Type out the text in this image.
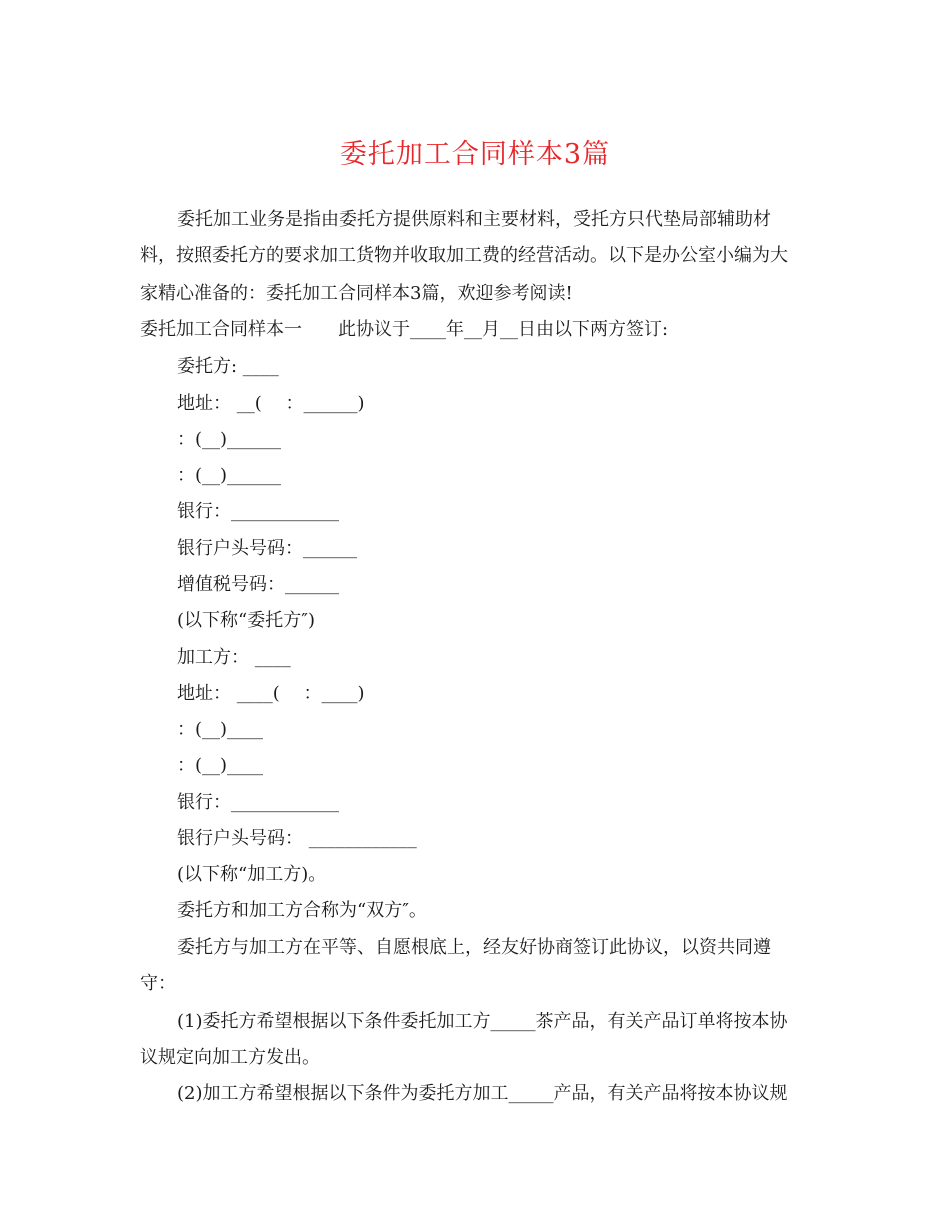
委托加工合同样本3篇

委托加工业务是指由委托方提供原料和主要材料，受托方只代垫局部辅助材

料，按照委托方的要求加工货物并收取加工费的经营活动。以下是办公室小编为大

家精心准备的：委托加工合同样本3篇，欢迎参考阅读!

委托加工合同样本一 此协议于____年__月__日由以下两方签订:

委托方: ____

地址： __(　 ：______)

：(__)______

：(__)______

银行：____________

银行户头号码：______

增值税号码：______

(以下称“委托方″)

加工方： ____

地址： ____(　 ：____)

：(__)____

：(__)____

银行：____________

银行户头号码： ____________

(以下称“加工方)。

委托方和加工方合称为“双方″。

委托方与加工方在平等、自愿根底上，经友好协商签订此协议，以资共同遵

守：

(1)委托方希望根据以下条件委托加工方_____茶产品，有关产品订单将按本协

议规定向加工方发出。

(2)加工方希望根据以下条件为委托方加工_____产品，有关产品将按本协议规
